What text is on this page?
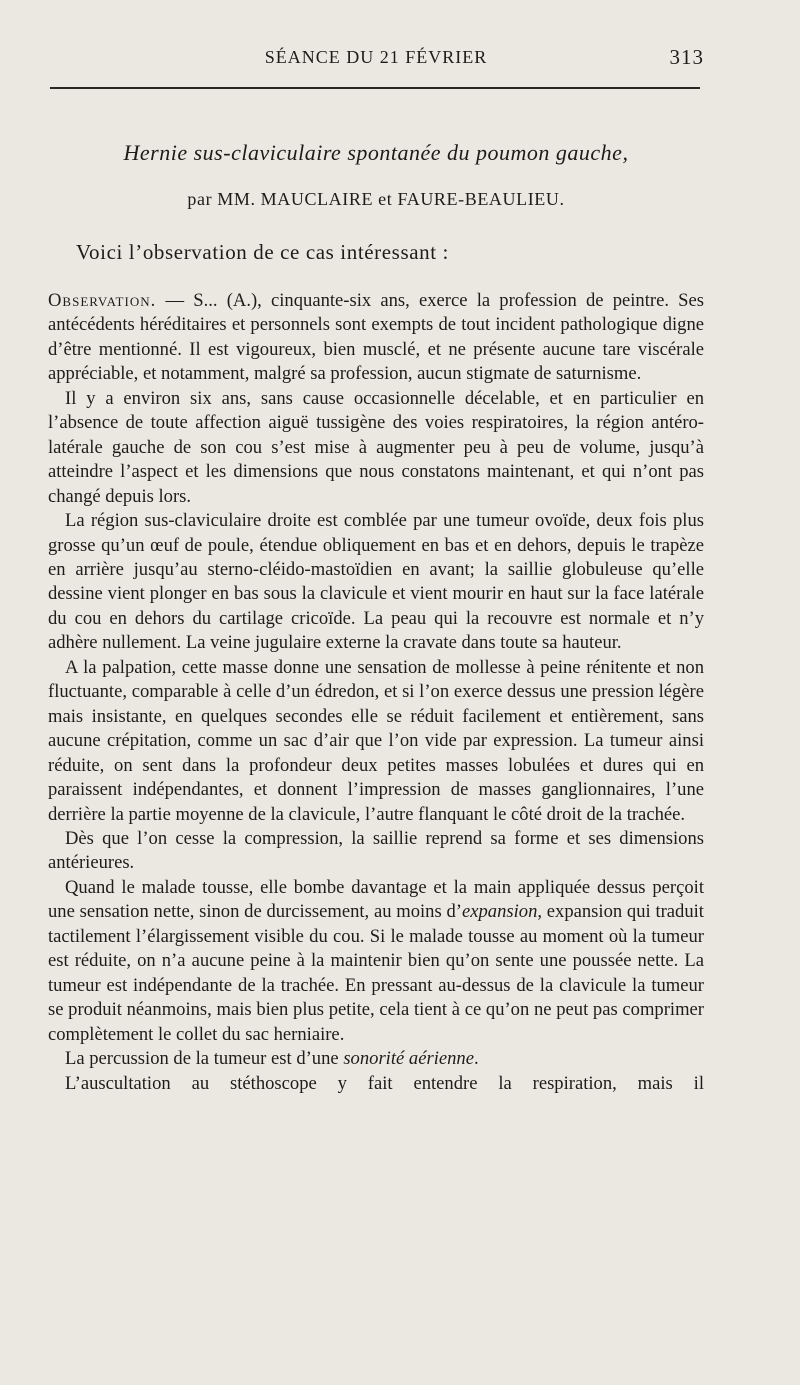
SÉANCE DU 21 FÉVRIER	313
Hernie sus-claviculaire spontanée du poumon gauche,
par MM. MAUCLAIRE et FAURE-BEAULIEU.
Voici l’observation de ce cas intéressant :

Observation. — S... (A.), cinquante-six ans, exerce la profession de peintre. Ses antécédents héréditaires et personnels sont exempts de tout incident pathologique digne d’être mentionné. Il est vigoureux, bien musclé, et ne présente aucune tare viscérale appréciable, et notamment, malgré sa profession, aucun stigmate de saturnisme.

Il y a environ six ans, sans cause occasionnelle décelable, et en particulier en l’absence de toute affection aiguë tussigène des voies respiratoires, la région antéro-latérale gauche de son cou s’est mise à augmenter peu à peu de volume, jusqu’à atteindre l’aspect et les dimensions que nous constatons maintenant, et qui n’ont pas changé depuis lors.

La région sus-claviculaire droite est comblée par une tumeur ovoïde, deux fois plus grosse qu’un œuf de poule, étendue obliquement en bas et en dehors, depuis le trapèze en arrière jusqu’au sterno-cléido-mastoïdien en avant; la saillie globuleuse qu’elle dessine vient plonger en bas sous la clavicule et vient mourir en haut sur la face latérale du cou en dehors du cartilage cricoïde. La peau qui la recouvre est normale et n’y adhère nullement. La veine jugulaire externe la cravate dans toute sa hauteur.

A la palpation, cette masse donne une sensation de mollesse à peine rénitente et non fluctuante, comparable à celle d’un édredon, et si l’on exerce dessus une pression légère mais insistante, en quelques secondes elle se réduit facilement et entièrement, sans aucune crépitation, comme un sac d’air que l’on vide par expression. La tumeur ainsi réduite, on sent dans la profondeur deux petites masses lobulées et dures qui en paraissent indépendantes, et donnent l’impression de masses ganglionnaires, l’une derrière la partie moyenne de la clavicule, l’autre flanquant le côté droit de la trachée.

Dès que l’on cesse la compression, la saillie reprend sa forme et ses dimensions antérieures.

Quand le malade tousse, elle bombe davantage et la main appliquée dessus perçoit une sensation nette, sinon de durcissement, au moins d’expansion, expansion qui traduit tactilement l’élargissement visible du cou. Si le malade tousse au moment où la tumeur est réduite, on n’a aucune peine à la maintenir bien qu’on sente une poussée nette. La tumeur est indépendante de la trachée. En pressant au-dessus de la clavicule la tumeur se produit néanmoins, mais bien plus petite, cela tient à ce qu’on ne peut pas comprimer complètement le collet du sac herniaire.

La percussion de la tumeur est d’une sonorité aérienne.

L’auscultation au stéthoscope y fait entendre la respiration, mais il
